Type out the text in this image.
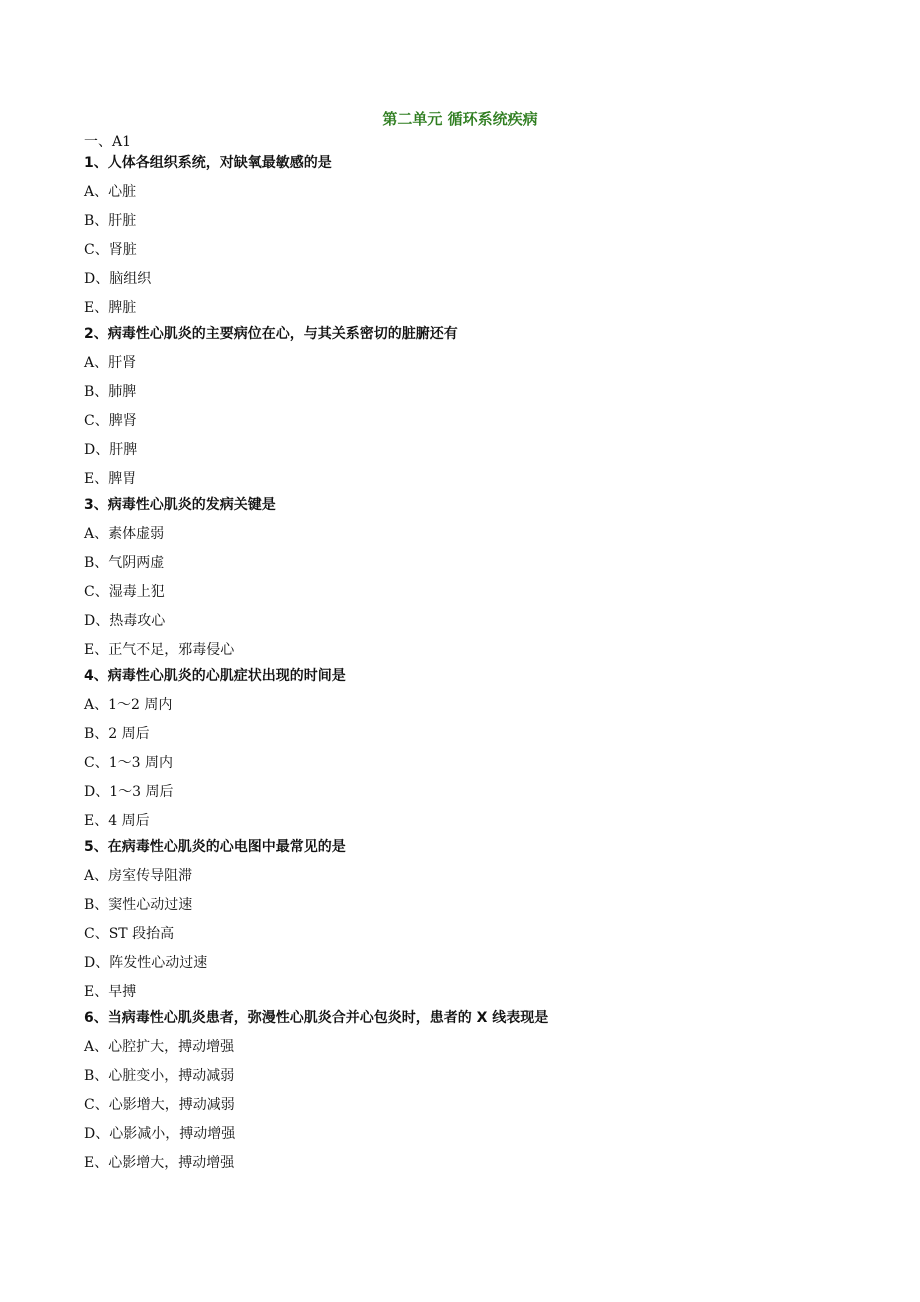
第二单元 循环系统疾病
一、A1
1、人体各组织系统，对缺氧最敏感的是
A、心脏
B、肝脏
C、肾脏
D、脑组织
E、脾脏
2、病毒性心肌炎的主要病位在心，与其关系密切的脏腑还有
A、肝肾
B、肺脾
C、脾肾
D、肝脾
E、脾胃
3、病毒性心肌炎的发病关键是
A、素体虚弱
B、气阴两虚
C、湿毒上犯
D、热毒攻心
E、正气不足，邪毒侵心
4、病毒性心肌炎的心肌症状出现的时间是
A、1～2 周内
B、2 周后
C、1～3 周内
D、1～3 周后
E、4 周后
5、在病毒性心肌炎的心电图中最常见的是
A、房室传导阻滞
B、窦性心动过速
C、ST 段抬高
D、阵发性心动过速
E、早搏
6、当病毒性心肌炎患者，弥漫性心肌炎合并心包炎时，患者的 X 线表现是
A、心腔扩大，搏动增强
B、心脏变小，搏动减弱
C、心影增大，搏动减弱
D、心影减小，搏动增强
E、心影增大，搏动增强
